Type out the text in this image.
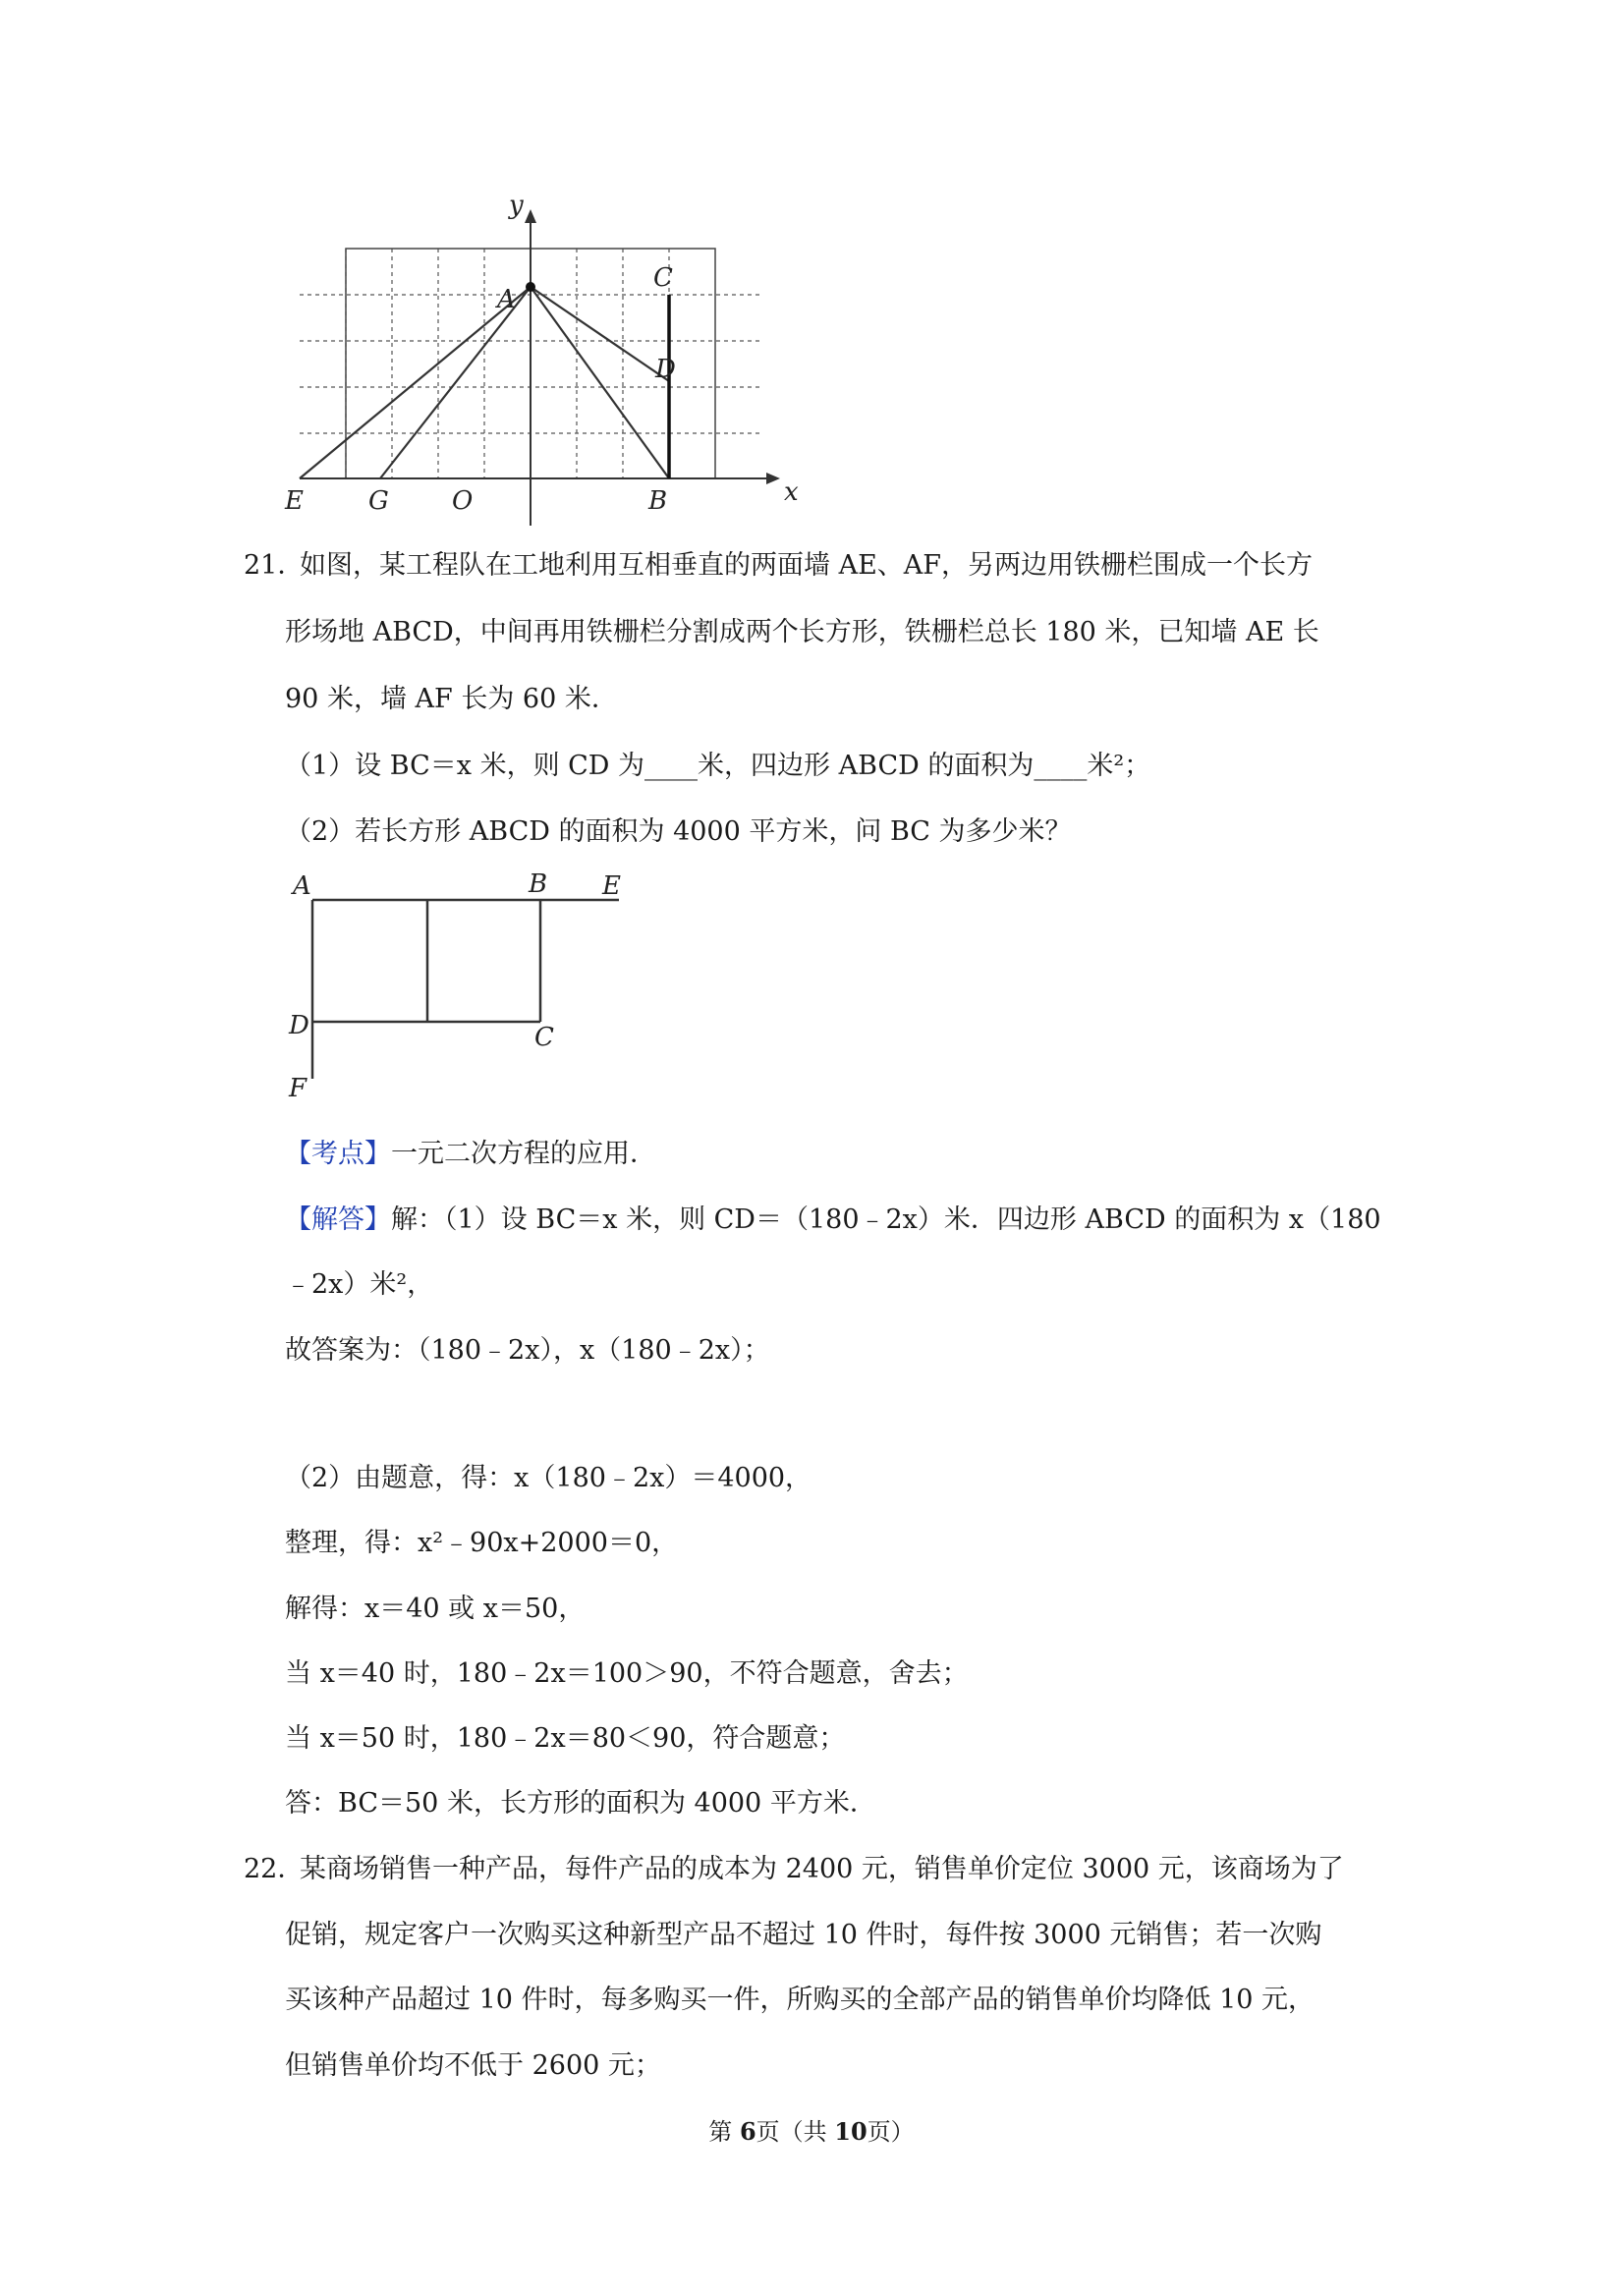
y
x
A
C
D
E	G O	B
21．
如图，某工程队在工地利用互相垂直的两面墙 AE、AF，另两边用铁栅栏围成一个长方
形场地 ABCD，中间再用铁栅栏分割成两个长方形，铁栅栏总长 180 米，已知墙 AE 长
90 米，墙 AF 长为 60 米．
（1）设 BC＝x 米，则 CD 为____米，四边形 ABCD 的面积为____米²；
（2）若长方形 ABCD 的面积为 4000 平方米，问 BC 为多少米？
A	B E
D	C
F
【考点】一元二次方程的应用．
【解答】解：（1）设 BC＝x 米，则 CD＝（180﹣2x）米．四边形 ABCD 的面积为 x（180
﹣2x）米²，
故答案为：（180﹣2x），x（180﹣2x）；
（2）由题意，得：x（180﹣2x）＝4000，
整理，得：x²﹣90x+2000＝0，
解得：x＝40 或 x＝50，
当 x＝40 时，180﹣2x＝100＞90，不符合题意，舍去；
当 x＝50 时，180﹣2x＝80＜90，符合题意；
答：BC＝50 米，长方形的面积为 4000 平方米．
22．
某商场销售一种产品，每件产品的成本为 2400 元，销售单价定位 3000 元，该商场为了
促销，规定客户一次购买这种新型产品不超过 10 件时，每件按 3000 元销售；若一次购
买该种产品超过 10 件时，每多购买一件，所购买的全部产品的销售单价均降低 10 元，
但销售单价均不低于 2600 元；
第 6页（共 10页）
